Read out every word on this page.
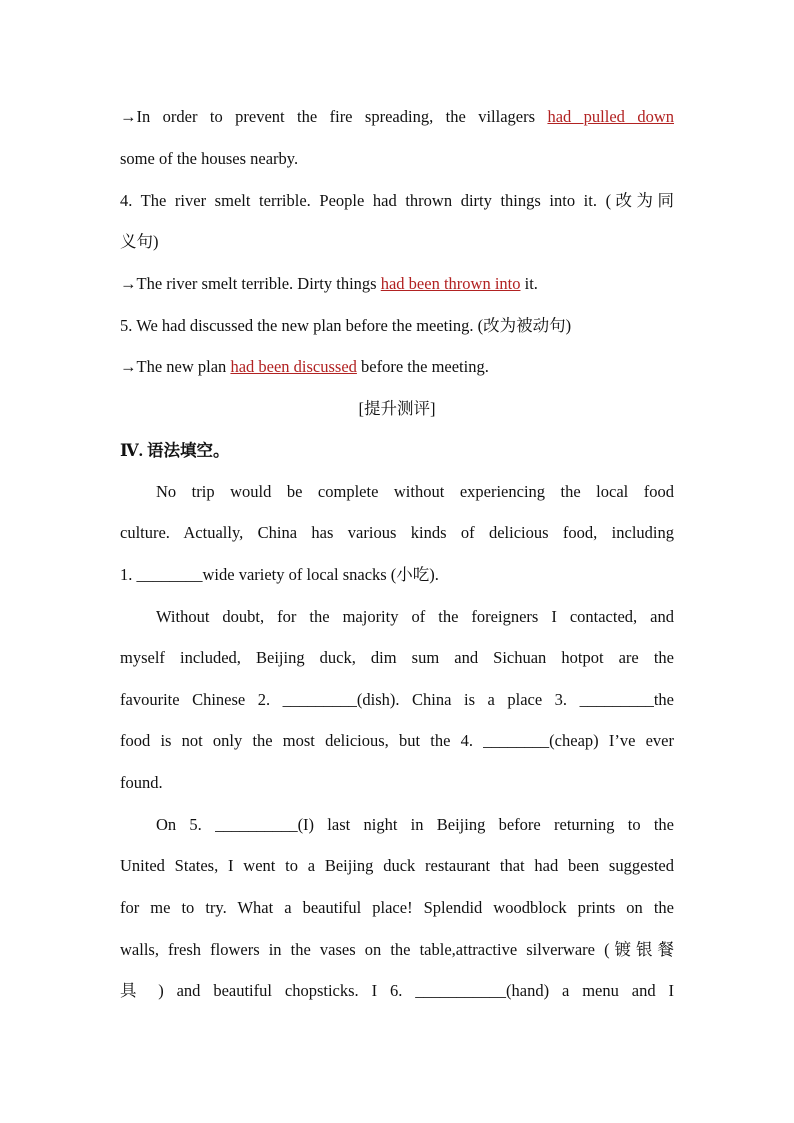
→In order to prevent the fire spreading, the villagers had pulled down
some of the houses nearby.
4. The river smelt terrible. People had thrown dirty things into it. (改为同
义句)
→The river smelt terrible. Dirty things had been thrown into it.
5. We had discussed the new plan before the meeting. (改为被动句)
→The new plan had been discussed before the meeting.
[提升测评]
Ⅳ. 语法填空。
No trip would be complete without experiencing the local food
culture. Actually, China has various kinds of delicious food, including
1. ________wide variety of local snacks (小吃).
Without doubt, for the majority of the foreigners I contacted, and
myself included, Beijing duck, dim sum and Sichuan hotpot are the
favourite Chinese 2. _________(dish). China is a place 3. _________the
food is not only the most delicious, but the 4. ________(cheap) I’ve ever
found.
On 5. __________(I) last night in Beijing before returning to the
United States, I went to a Beijing duck restaurant that had been suggested
for me to try. What a beautiful place! Splendid woodblock prints on the
walls, fresh flowers in the vases on the table,attractive silverware (镀银餐
具 ) and beautiful chopsticks. I 6. ___________(hand) a menu and I
